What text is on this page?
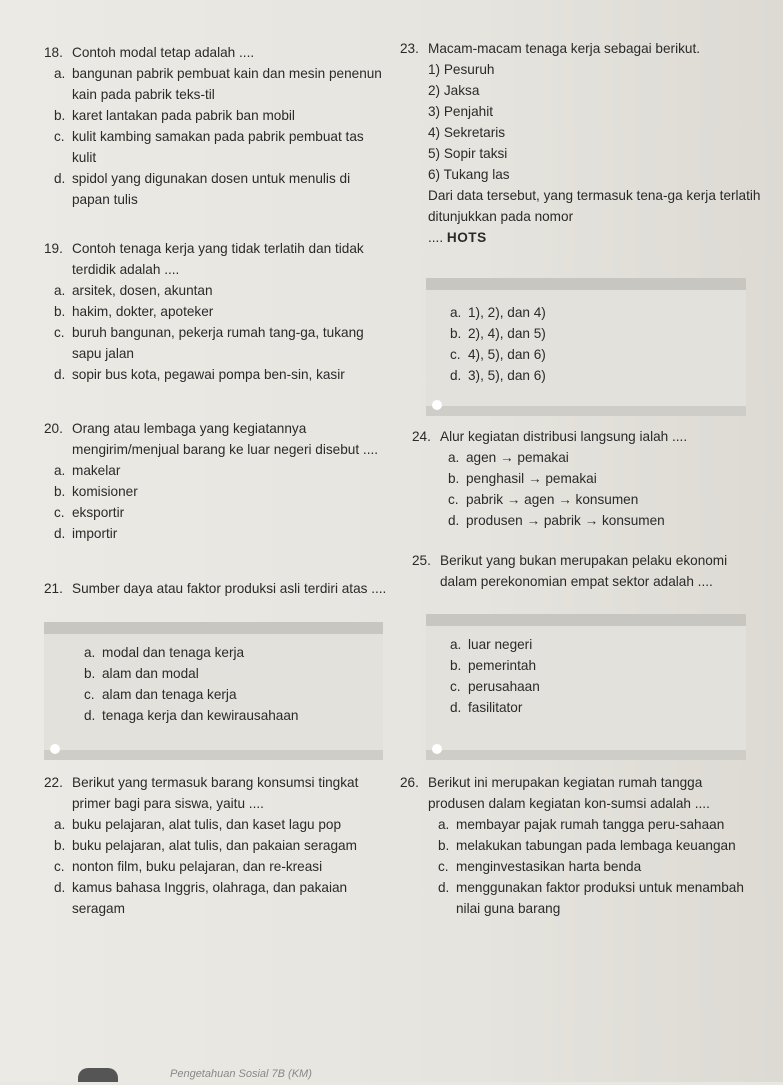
18. Contoh modal tetap adalah ....
a. bangunan pabrik pembuat kain dan mesin penenun kain pada pabrik teks-til
b. karet lantakan pada pabrik ban mobil
c. kulit kambing samakan pada pabrik pembuat tas kulit
d. spidol yang digunakan dosen untuk menulis di papan tulis
19. Contoh tenaga kerja yang tidak terlatih dan tidak terdidik adalah ....
a. arsitek, dosen, akuntan
b. hakim, dokter, apoteker
c. buruh bangunan, pekerja rumah tang-ga, tukang sapu jalan
d. sopir bus kota, pegawai pompa ben-sin, kasir
20. Orang atau lembaga yang kegiatannya mengirim/menjual barang ke luar negeri disebut ....
a. makelar
b. komisioner
c. eksportir
d. importir
21. Sumber daya atau faktor produksi asli terdiri atas ....
a. modal dan tenaga kerja
b. alam dan modal
c. alam dan tenaga kerja
d. tenaga kerja dan kewirausahaan
22. Berikut yang termasuk barang konsumsi tingkat primer bagi para siswa, yaitu ....
a. buku pelajaran, alat tulis, dan kaset lagu pop
b. buku pelajaran, alat tulis, dan pakaian seragam
c. nonton film, buku pelajaran, dan re-kreasi
d. kamus bahasa Inggris, olahraga, dan pakaian seragam
23. Macam-macam tenaga kerja sebagai berikut.
1) Pesuruh
2) Jaksa
3) Penjahit
4) Sekretaris
5) Sopir taksi
6) Tukang las
Dari data tersebut, yang termasuk tena-ga kerja terlatih ditunjukkan pada nomor
.... HOTS
a. 1), 2), dan 4)
b. 2), 4), dan 5)
c. 4), 5), dan 6)
d. 3), 5), dan 6)
24. Alur kegiatan distribusi langsung ialah ....
a. agen → pemakai
b. penghasil → pemakai
c. pabrik → agen → konsumen
d. produsen → pabrik → konsumen
25. Berikut yang bukan merupakan pelaku ekonomi dalam perekonomian empat sektor adalah ....
a. luar negeri
b. pemerintah
c. perusahaan
d. fasilitator
26. Berikut ini merupakan kegiatan rumah tangga produsen dalam kegiatan kon-sumsi adalah ....
a. membayar pajak rumah tangga peru-sahaan
b. melakukan tabungan pada lembaga keuangan
c. menginvestasikan harta benda
d. menggunakan faktor produksi untuk menambah nilai guna barang
Pengetahuan Sosial 7B (KM)
